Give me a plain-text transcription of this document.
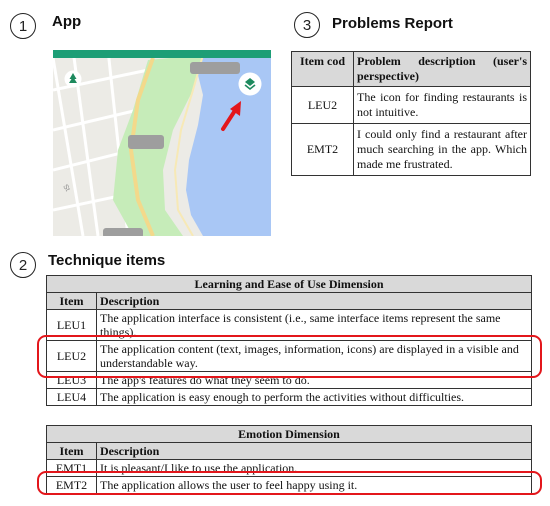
1	App
St
3	Problems Report
Item cod	Problem description (user's perspective)
LEU2	The icon for finding restaurants is not intuitive.
EMT2	I could only find a restaurant after much searching in the app. Which made me frustrated.
2	Technique items
Learning and Ease of Use Dimension	
Item	Description
LEU1	The application interface is consistent (i.e., same interface items represent the same things).
LEU2	The application content (text, images, information, icons) are displayed in a visible and understandable way.
LEU3	The app's features do what they seem to do.
LEU4	The application is easy enough to perform the activities without difficulties.
Emotion Dimension	
Item	Description
EMT1	It is pleasant/I like to use the application.
EMT2	The application allows the user to feel happy using it.
